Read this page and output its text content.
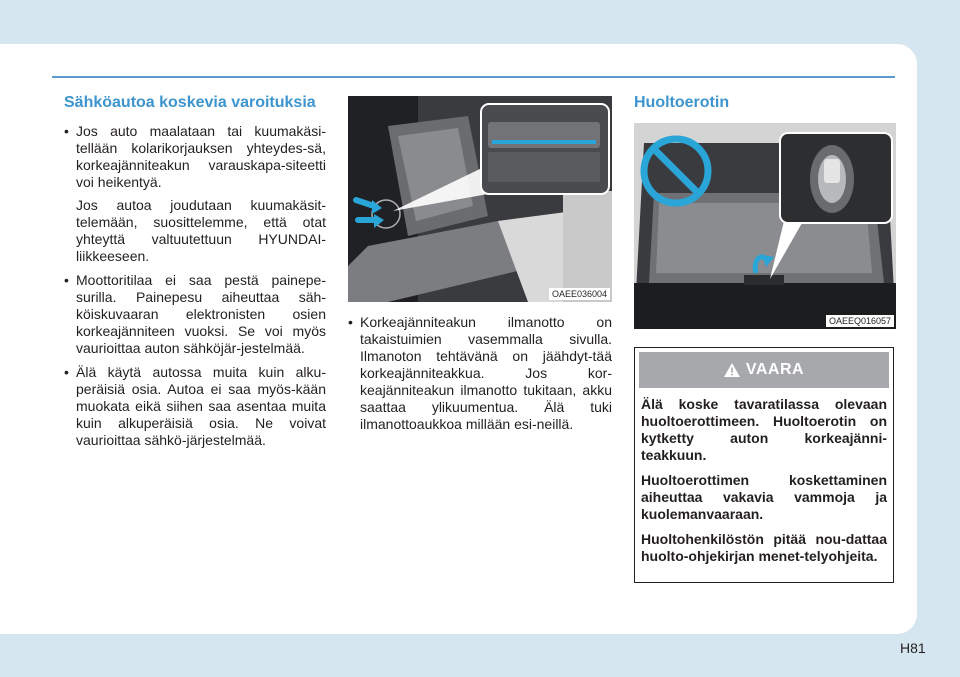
Sähköautoa koskevia varoituksia
• Jos auto maalataan tai kuumakäsi-tellään kolarikorjauksen yhteydes-sä, korkeajänniteakun varauskapa-siteetti voi heikentyä.

Jos autoa joudutaan kuumakäsit-telemään, suosittelemme, että otat yhteyttä valtuutettuun HYUNDAI-liikkeeseen.

• Moottoritilaa ei saa pestä painepe-surilla. Painepesu aiheuttaa säh-köiskuvaaran elektronisten osien korkeajänniteen vuoksi. Se voi myös vaurioittaa auton sähköjär-jestelmää.

• Älä käytä autossa muita kuin alku-peräisiä osia. Autoa ei saa myös-kään muokata eikä siihen saa asentaa muita kuin alkuperäisiä osia. Ne voivat vaurioittaa sähkö-järjestelmää.

OAEE036004
• Korkeajänniteakun ilmanotto on takaistuimien vasemmalla sivulla. Ilmanoton tehtävänä on jäähdyt-tää korkeajänniteakkua. Jos kor-keajänniteakun ilmanotto tukitaan, akku saattaa ylikuumentua. Älä tuki ilmanottoaukkoa millään esi-neillä.

Huoltoerotin
OAEEQ016057
VAARA

Älä koske tavaratilassa olevaan huoltoerottimeen. Huoltoerotin on kytketty auton korkeajänni-teakkuun.

Huoltoerottimen koskettaminen aiheuttaa vakavia vammoja ja kuolemanvaaraan.

Huoltohenkilöstön pitää nou-dattaa huolto-ohjekirjan menet-telyohjeita.

H81
